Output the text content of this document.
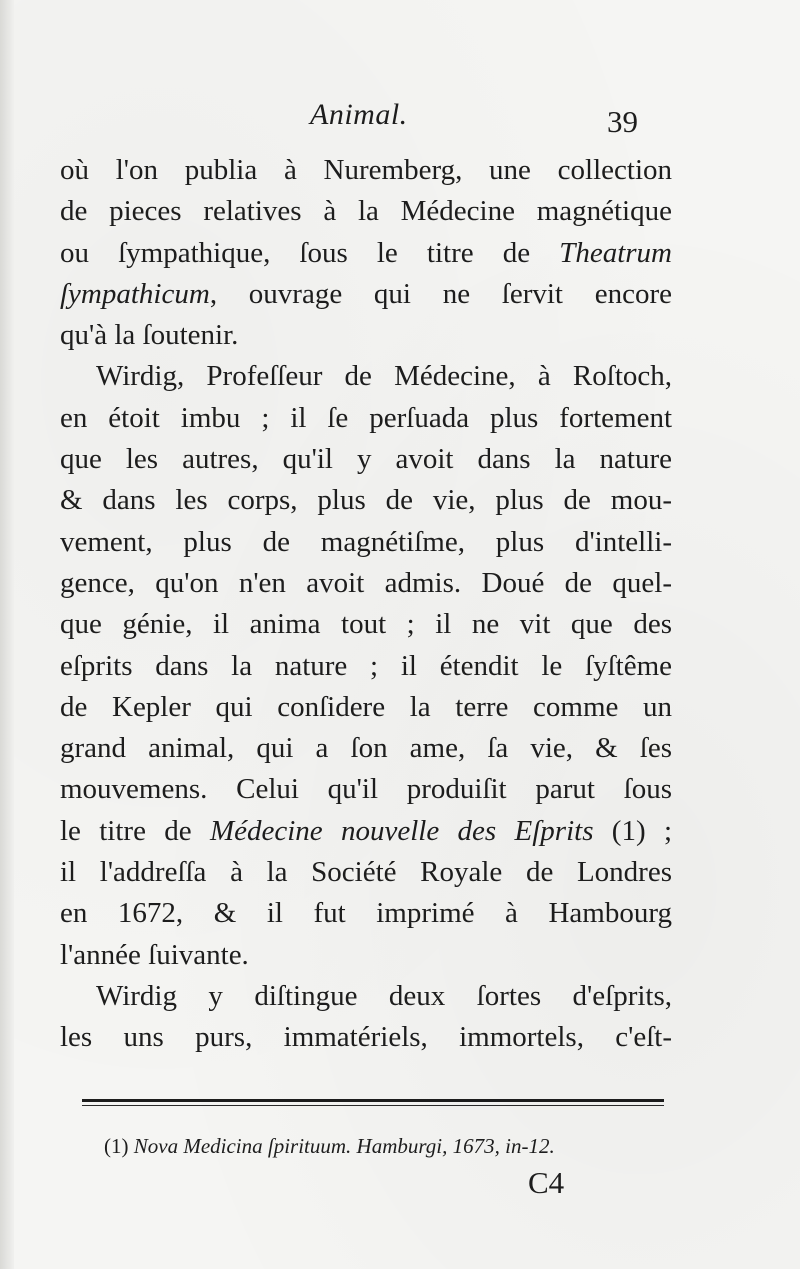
Animal.	39
où l'on publia à Nuremberg, une collection
de pieces relatives à la Médecine magnétique
ou ſympathique, ſous le titre de Theatrum
ſympathicum, ouvrage qui ne ſervit encore
qu'à la ſoutenir.
Wirdig, Profeſſeur de Médecine, à Roſtoch,
en étoit imbu ; il ſe perſuada plus fortement
que les autres, qu'il y avoit dans la nature
& dans les corps, plus de vie, plus de mou-
vement, plus de magnétiſme, plus d'intelli-
gence, qu'on n'en avoit admis. Doué de quel-
que génie, il anima tout ; il ne vit que des
eſprits dans la nature ; il étendit le ſyſtême
de Kepler qui conſidere la terre comme un
grand animal, qui a ſon ame, ſa vie, & ſes
mouvemens. Celui qu'il produiſit parut ſous
le titre de Médecine nouvelle des Eſprits (1) ;
il l'addreſſa à la Société Royale de Londres
en 1672, & il fut imprimé à Hambourg
l'année ſuivante.
Wirdig y diſtingue deux ſortes d'eſprits,
les uns purs, immatériels, immortels, c'eſt-
(1) Nova Medicina ſpirituum. Hamburgi, 1673, in-12.
C4
